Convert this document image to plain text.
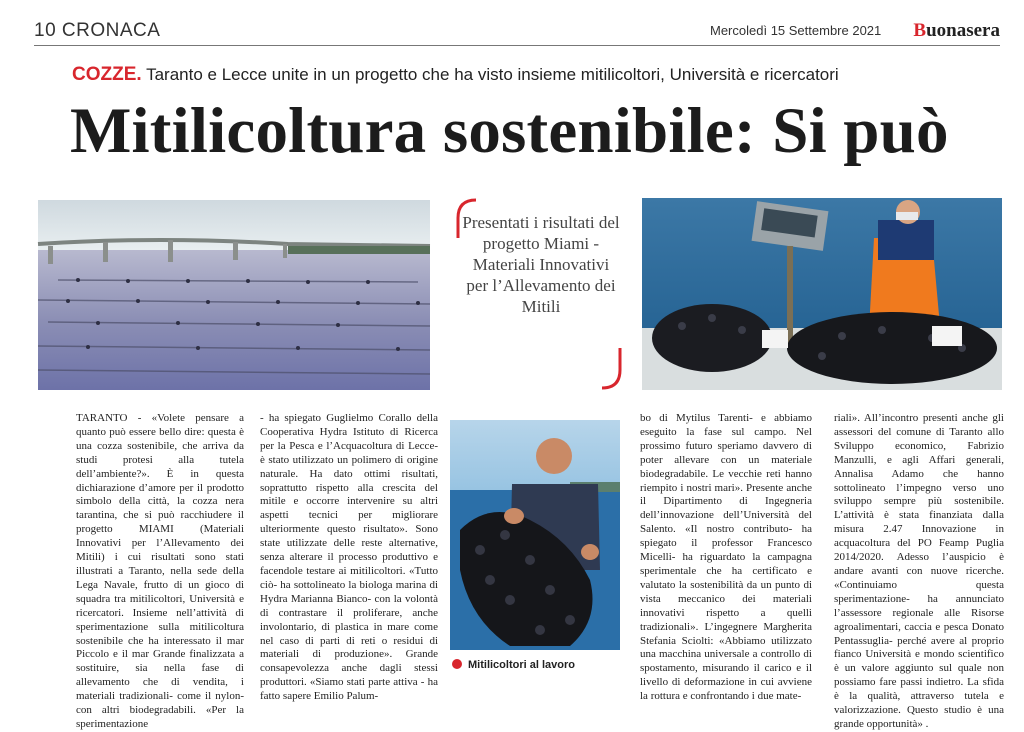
10 CRONACA	Mercoledì 15 Settembre 2021 Buonasera
COZZE. Taranto e Lecce unite in un progetto che ha visto insieme mitilicoltori, Università e ricercatori
Mitilicoltura sostenibile: Si può
Presentati i risultati del progetto Miami - Materiali Innovativi per l’Allevamento dei Mitili
Mitilicoltori al lavoro
TARANTO - «Volete pensare a quanto può essere bello dire: questa è una cozza sostenibile, che arriva da studi protesi alla tutela dell’ambiente?». È in questa dichiarazione d’amore per il prodotto simbolo della città, la cozza nera tarantina, che si può racchiudere il progetto MIAMI (Materiali Innovativi per l’Allevamento dei Mitili) i cui risultati sono stati illustrati a Taranto, nella sede della Lega Navale, frutto di un gioco di squadra tra mitilicoltori, Università e ricercatori. Insieme nell’attività di sperimentazione sulla mitilicoltura sostenibile che ha interessato il mar Piccolo e il mar Grande finalizzata a sostituire, sia nella fase di allevamento che di vendita, i materiali tradizionali- come il nylon- con altri biodegradabili. «Per la sperimentazione
- ha spiegato Guglielmo Corallo della Cooperativa Hydra Istituto di Ricerca per la Pesca e l’Acquacoltura di Lecce- è stato utilizzato un polimero di origine naturale. Ha dato ottimi risultati, soprattutto rispetto alla crescita del mitile e occorre intervenire su altri aspetti tecnici per migliorare ulteriormente questo risultato». Sono state utilizzate delle reste alternative, senza alterare il processo produttivo e facendole testare ai mitilicoltori. «Tutto ciò- ha sottolineato la biologa marina di Hydra Marianna Bianco- con la volontà di contrastare il proliferare, anche involontario, di plastica in mare come nel caso di parti di reti o residui di materiali di produzione». Grande consapevolezza anche dagli stessi produttori. «Siamo stati parte attiva - ha fatto sapere Emilio Palum-
bo di Mytilus Tarenti- e abbiamo eseguito la fase sul campo. Nel prossimo futuro speriamo davvero di poter allevare con un materiale biodegradabile. Le vecchie reti hanno riempito i nostri mari». Presente anche il Dipartimento di Ingegneria dell’innovazione dell’Università del Salento. «Il nostro contributo- ha spiegato il professor Francesco Micelli- ha riguardato la campagna sperimentale che ha certificato e valutato la sostenibilità da un punto di vista meccanico dei materiali innovativi rispetto a quelli tradizionali». L’ingegnere Margherita Stefania Sciolti: «Abbiamo utilizzato una macchina universale a controllo di spostamento, misurando il carico e il livello di deformazione in cui avviene la rottura e confrontando i due mate-
riali». All’incontro presenti anche gli assessori del comune di Taranto allo Sviluppo economico, Fabrizio Manzulli, e agli Affari generali, Annalisa Adamo che hanno sottolineato l’impegno verso uno sviluppo sempre più sostenibile. L’attività è stata finanziata dalla misura 2.47 Innovazione in acquacoltura del PO Feamp Puglia 2014/2020. Adesso l’auspicio è andare avanti con nuove ricerche. «Continuiamo questa sperimentazione- ha annunciato l’assessore regionale alle Risorse agroalimentari, caccia e pesca Donato Pentassuglia- perché avere al proprio fianco Università e mondo scientifico è un valore aggiunto sul quale non possiamo fare passi indietro. La sfida è la qualità, attraverso tutela e valorizzazione. Questo studio è una grande opportunità» .
